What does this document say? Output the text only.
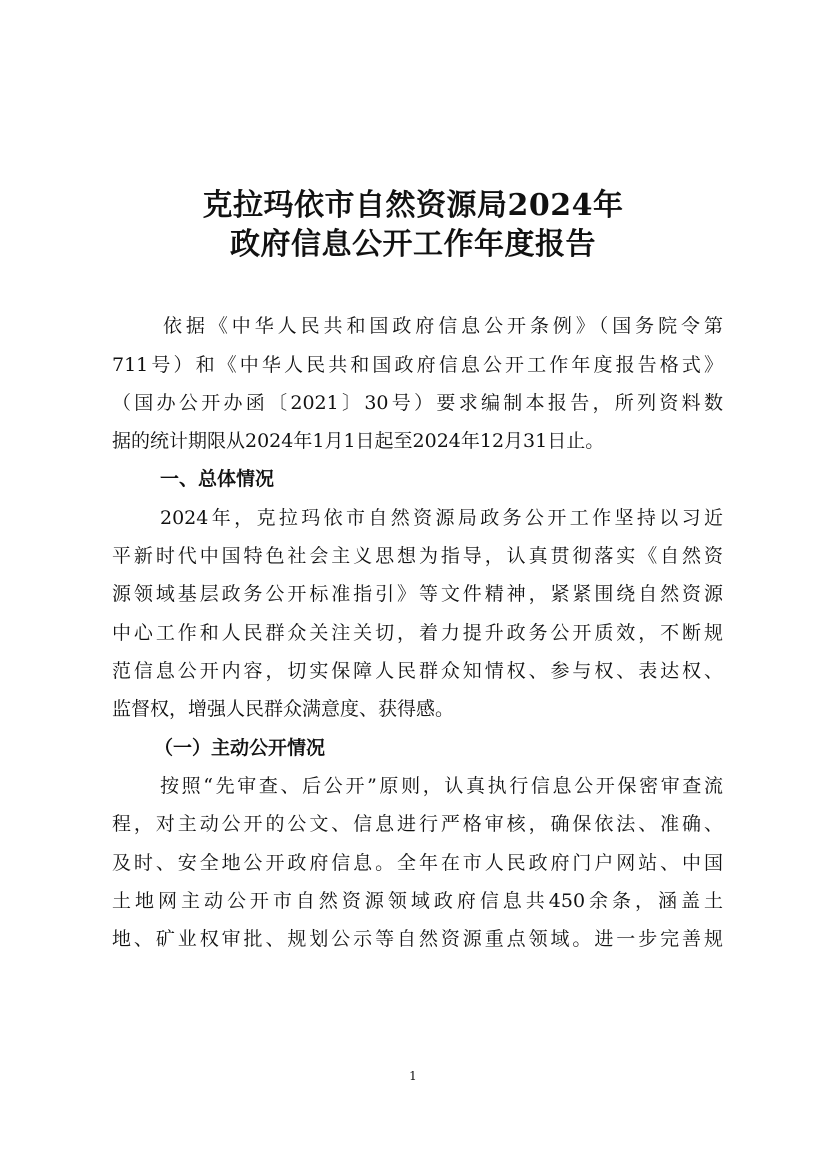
克拉玛依市自然资源局2024年
政府信息公开工作年度报告

依据《中华人民共和国政府信息公开条例》（国务院令第

711号）和《中华人民共和国政府信息公开工作年度报告格式》

（国办公开办函〔2021〕30号）要求编制本报告，所列资料数

据的统计期限从2024年1月1日起至2024年12月31日止。

一、总体情况

2024年，克拉玛依市自然资源局政务公开工作坚持以习近

平新时代中国特色社会主义思想为指导，认真贯彻落实《自然资

源领域基层政务公开标准指引》等文件精神，紧紧围绕自然资源

中心工作和人民群众关注关切，着力提升政务公开质效，不断规

范信息公开内容，切实保障人民群众知情权、参与权、表达权、

监督权，增强人民群众满意度、获得感。

（一）主动公开情况

按照“先审查、后公开”原则，认真执行信息公开保密审查流

程，对主动公开的公文、信息进行严格审核，确保依法、准确、

及时、安全地公开政府信息。全年在市人民政府门户网站、中国

土地网主动公开市自然资源领域政府信息共450余条，涵盖土

地、矿业权审批、规划公示等自然资源重点领域。进一步完善规

1
